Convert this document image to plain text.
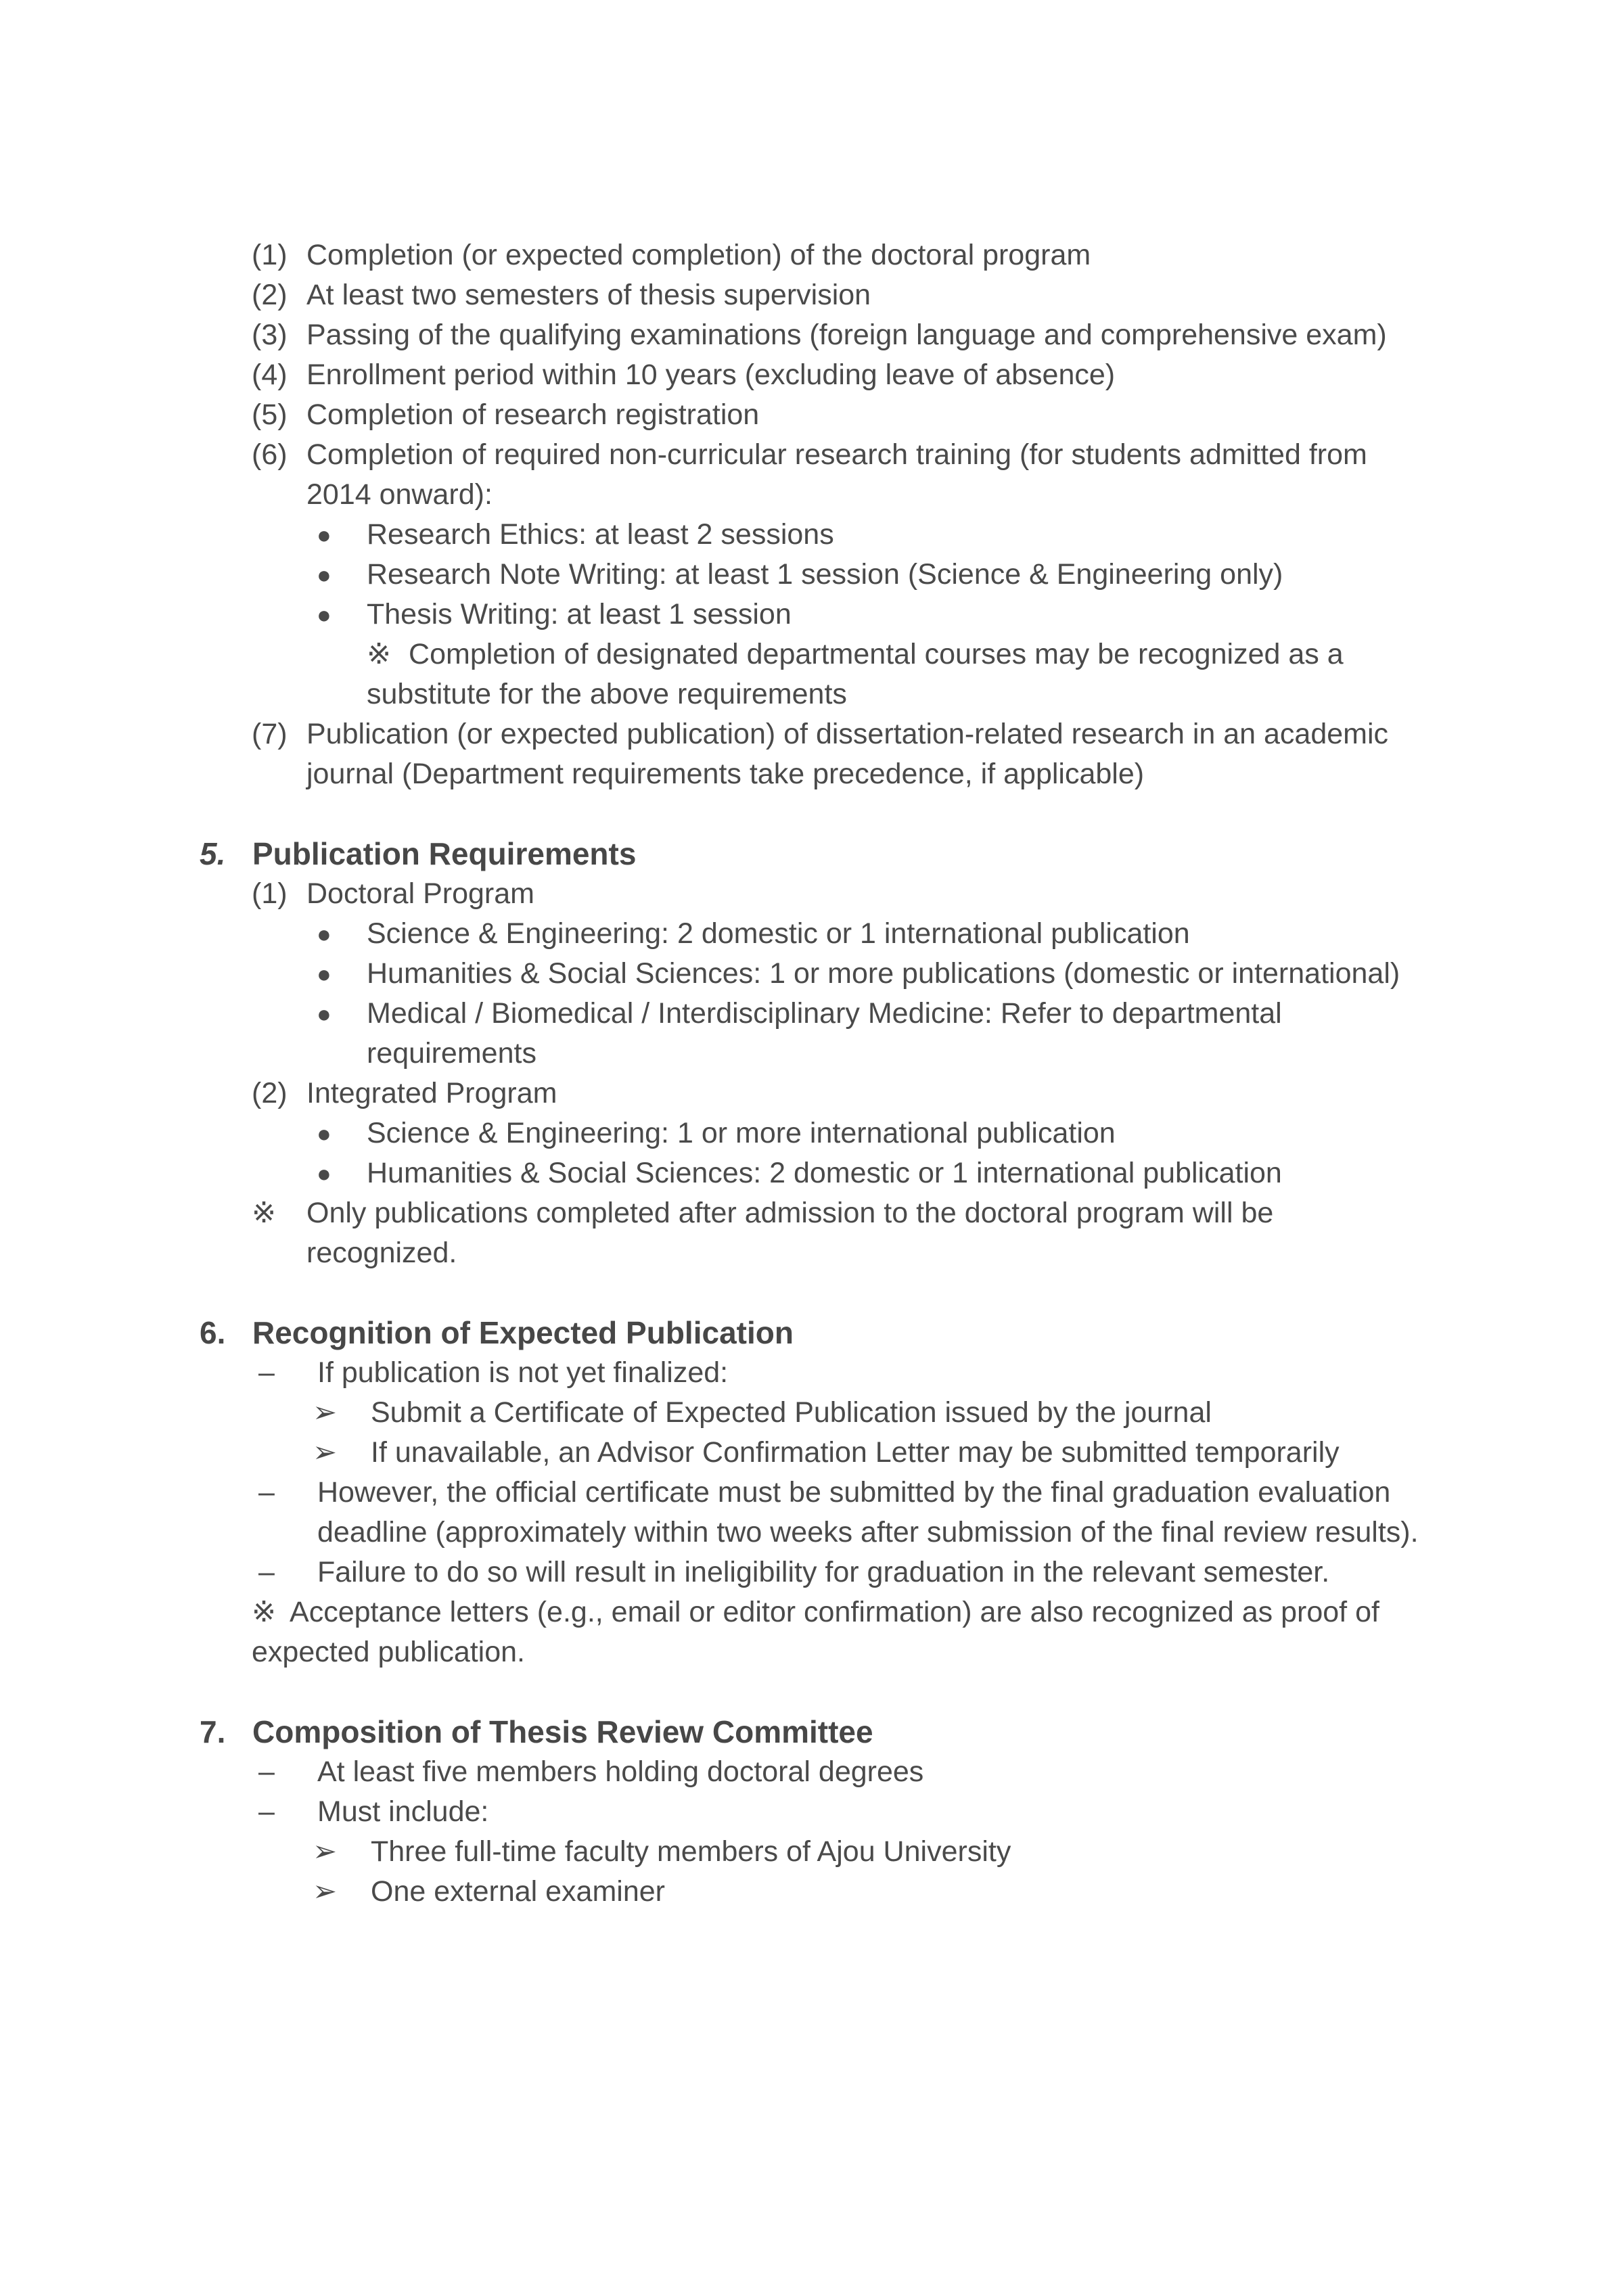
(1) Completion (or expected completion) of the doctoral program
(2) At least two semesters of thesis supervision
(3) Passing of the qualifying examinations (foreign language and comprehensive exam)
(4) Enrollment period within 10 years (excluding leave of absence)
(5) Completion of research registration
(6) Completion of required non-curricular research training (for students admitted from 2014 onward):
● Research Ethics: at least 2 sessions
● Research Note Writing: at least 1 session (Science & Engineering only)
● Thesis Writing: at least 1 session
※ Completion of designated departmental courses may be recognized as a substitute for the above requirements
(7) Publication (or expected publication) of dissertation-related research in an academic journal (Department requirements take precedence, if applicable)
5. Publication Requirements
(1) Doctoral Program
● Science & Engineering: 2 domestic or 1 international publication
● Humanities & Social Sciences: 1 or more publications (domestic or international)
● Medical / Biomedical / Interdisciplinary Medicine: Refer to departmental requirements
(2) Integrated Program
● Science & Engineering: 1 or more international publication
● Humanities & Social Sciences: 2 domestic or 1 international publication
※ Only publications completed after admission to the doctoral program will be recognized.
6. Recognition of Expected Publication
– If publication is not yet finalized:
➢ Submit a Certificate of Expected Publication issued by the journal
➢ If unavailable, an Advisor Confirmation Letter may be submitted temporarily
– However, the official certificate must be submitted by the final graduation evaluation deadline (approximately within two weeks after submission of the final review results).
– Failure to do so will result in ineligibility for graduation in the relevant semester.
※ Acceptance letters (e.g., email or editor confirmation) are also recognized as proof of expected publication.
7. Composition of Thesis Review Committee
– At least five members holding doctoral degrees
– Must include:
➢ Three full-time faculty members of Ajou University
➢ One external examiner
